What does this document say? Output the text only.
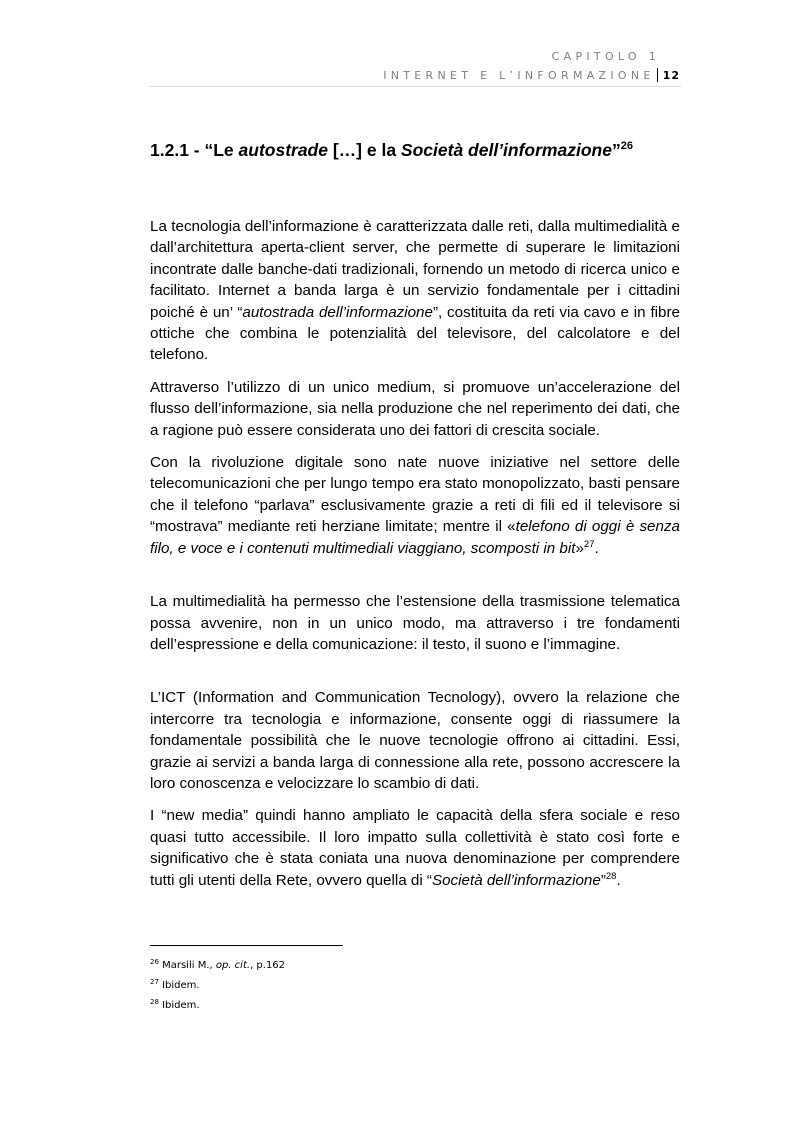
CAPITOLO 1
INTERNET E L’INFORMAZIONE 12
1.2.1 - “Le autostrade […] e la Società dell’informazione”$^{26}$

La tecnologia dell’informazione è caratterizzata dalle reti, dalla multimedialità e dall’architettura aperta-client server, che permette di superare le limitazioni incontrate dalle banche-dati tradizionali, fornendo un metodo di ricerca unico e facilitato. Internet a banda larga è un servizio fondamentale per i cittadini poiché è un’ “autostrada dell’informazione”, costituita da reti via cavo e in fibre ottiche che combina le potenzialità del televisore, del calcolatore e del telefono.

Attraverso l’utilizzo di un unico medium, si promuove un’accelerazione del flusso dell’informazione, sia nella produzione che nel reperimento dei dati, che a ragione può essere considerata uno dei fattori di crescita sociale.

Con la rivoluzione digitale sono nate nuove iniziative nel settore delle telecomunicazioni che per lungo tempo era stato monopolizzato, basti pensare che il telefono “parlava” esclusivamente grazie a reti di fili ed il televisore si “mostrava” mediante reti herziane limitate; mentre il «telefono di oggi è senza filo, e voce e i contenuti multimediali viaggiano, scomposti in bit»$^{27}$.

La multimedialità ha permesso che l’estensione della trasmissione telematica possa avvenire, non in un unico modo, ma attraverso i tre fondamenti dell’espressione e della comunicazione: il testo, il suono e l’immagine.

L’ICT (Information and Communication Tecnology), ovvero la relazione che intercorre tra tecnologia e informazione, consente oggi di riassumere la fondamentale possibilità che le nuove tecnologie offrono ai cittadini. Essi, grazie ai servizi a banda larga di connessione alla rete, possono accrescere la loro conoscenza e velocizzare lo scambio di dati.

I “new media” quindi hanno ampliato le capacità della sfera sociale e reso quasi tutto accessibile. Il loro impatto sulla collettività è stato così forte e significativo che è stata coniata una nuova denominazione per comprendere tutti gli utenti della Rete, ovvero quella di “Società dell’informazione”$^{28}$.

$^{26}$ Marsili M., op. cit., p.162
$^{27}$ Ibidem.
$^{28}$ Ibidem.
